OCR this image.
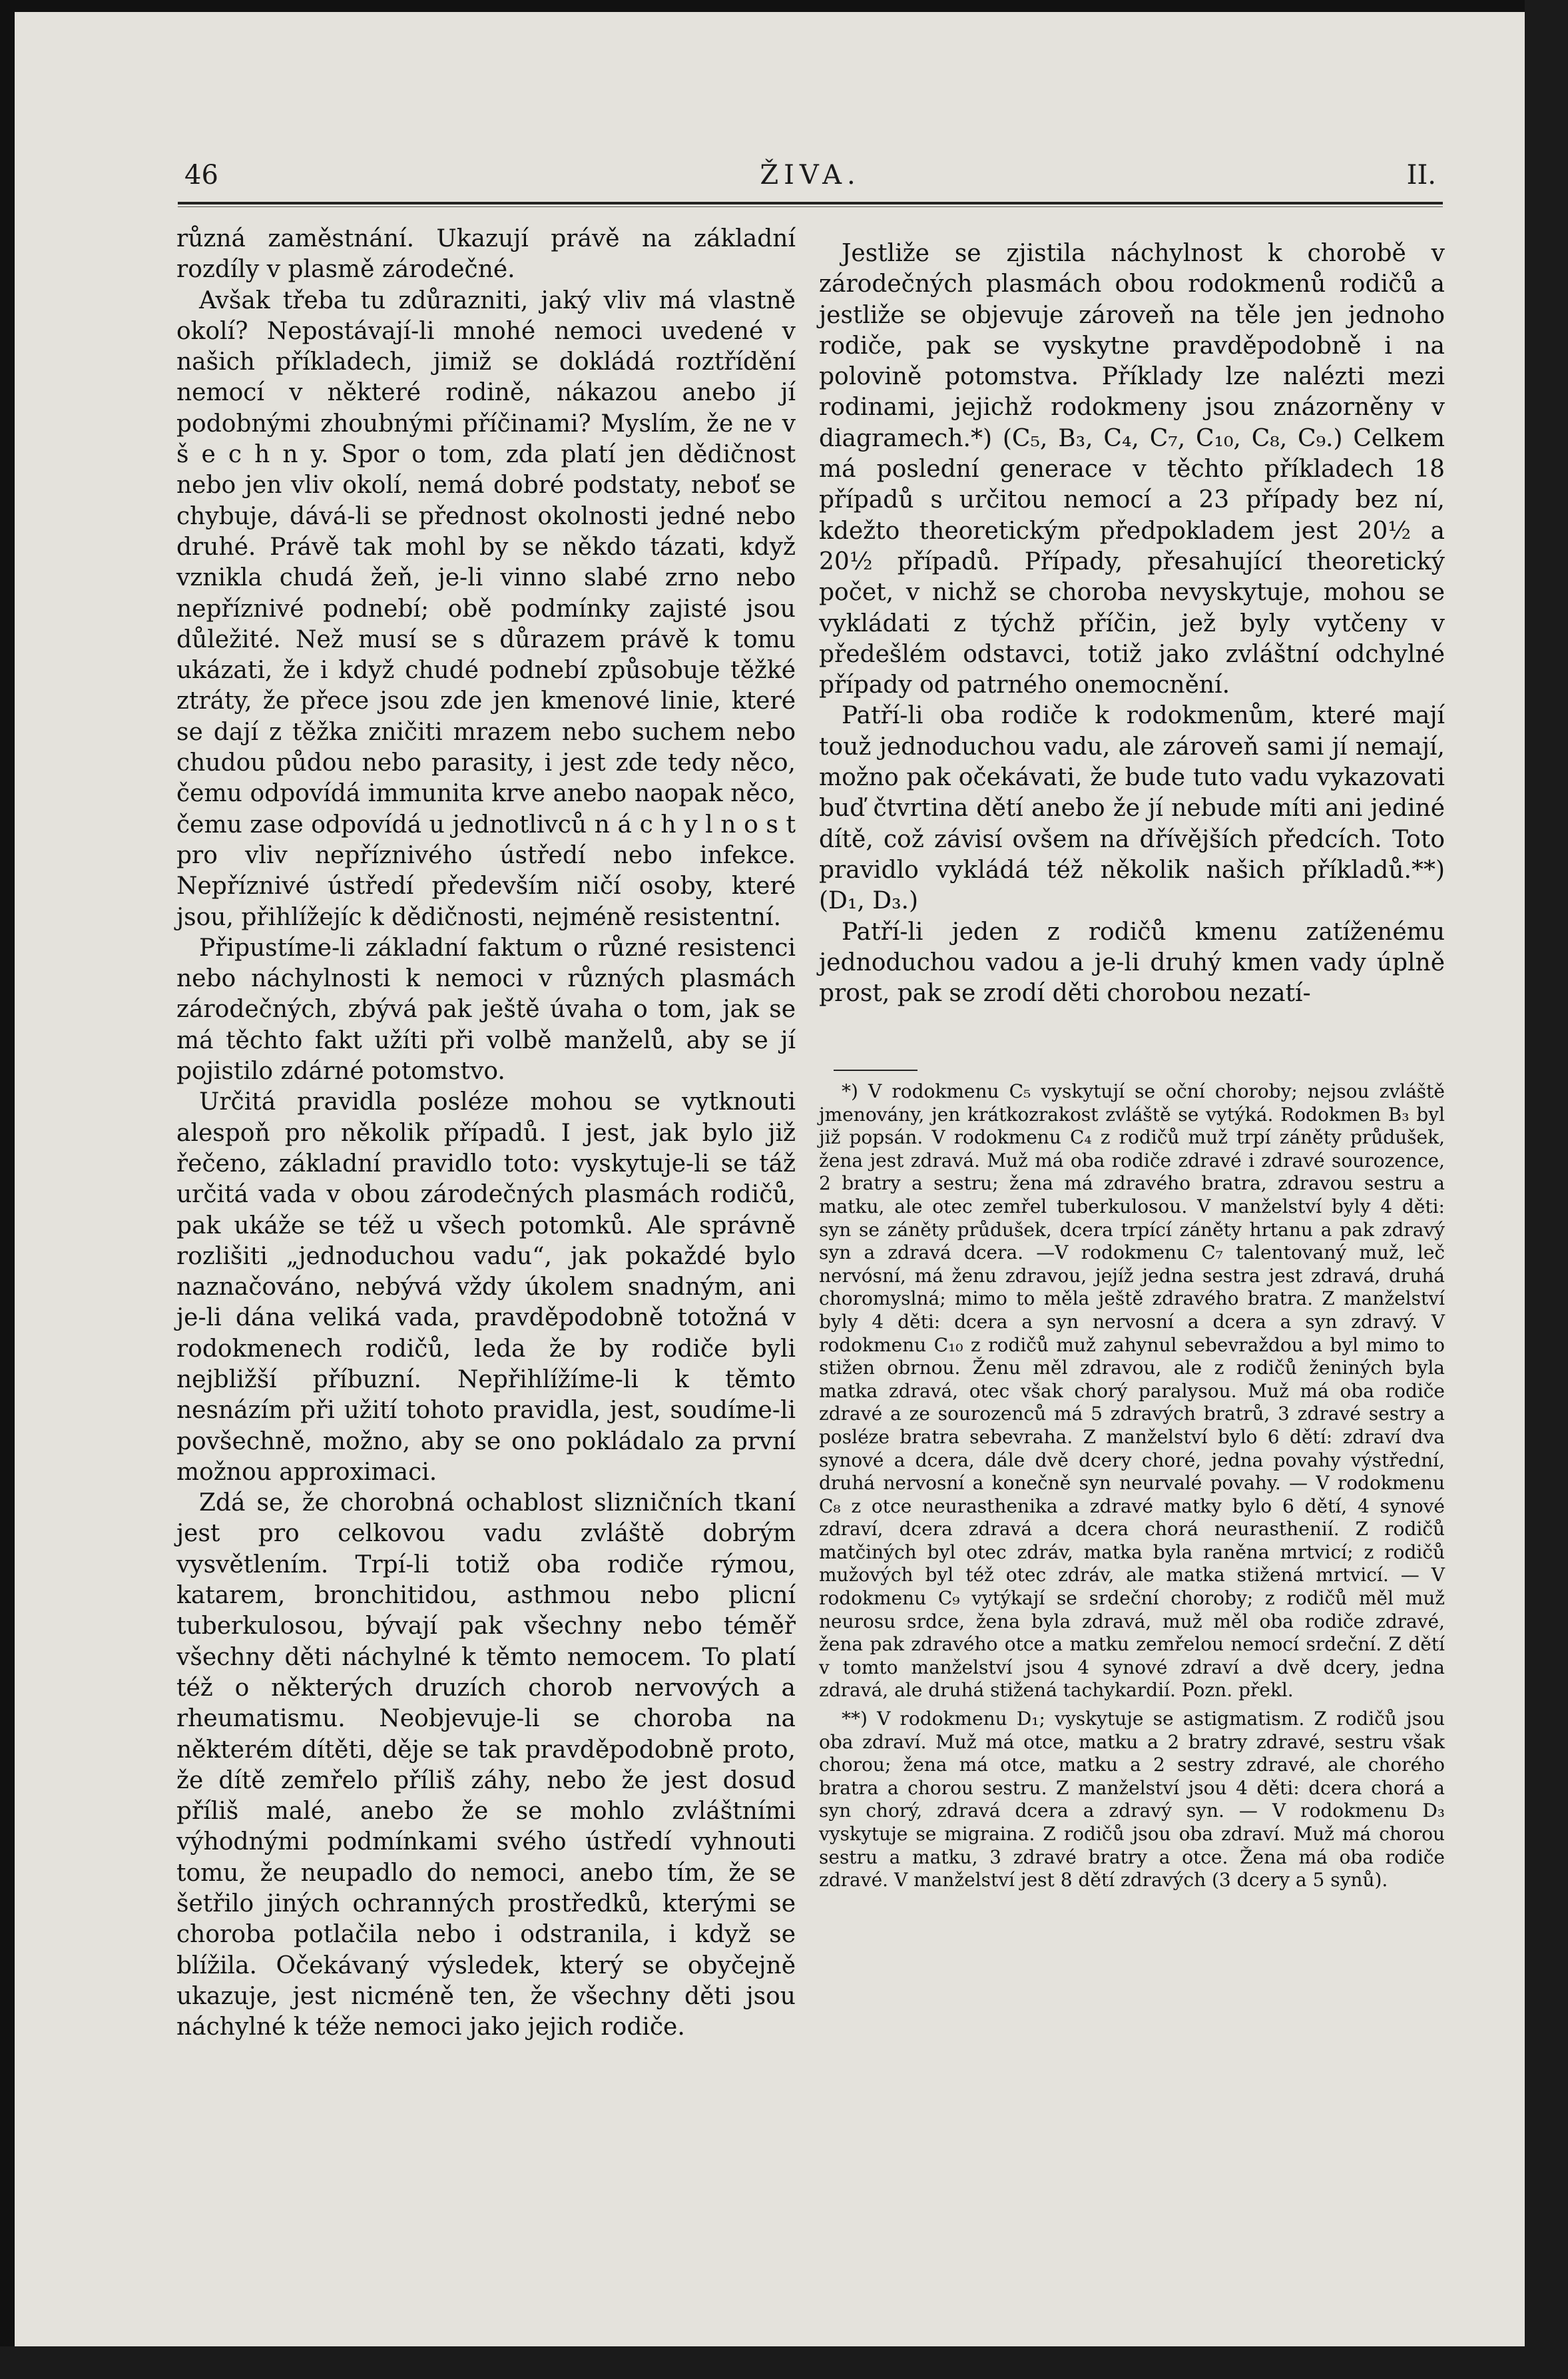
46	ŽIVA.	II.

různá zaměstnání. Ukazují právě na základní rozdíly v plasmě zárodečné.

Avšak třeba tu zdůrazniti, jaký vliv má vlastně okolí? Nepostávají-li mnohé nemoci uvedené v našich příkladech, jimiž se dokládá roztřídění nemocí v některé rodině, nákazou anebo jí podobnými zhoubnými příčinami? Myslím, že ne v š e c h n y. Spor o tom, zda platí jen dědičnost nebo jen vliv okolí, nemá dobré podstaty, neboť se chybuje, dává-li se přednost okolnosti jedné nebo druhé. Právě tak mohl by se někdo tázati, když vznikla chudá žeň, je-li vinno slabé zrno nebo nepříznivé podnebí; obě podmínky zajisté jsou důležité. Než musí se s důrazem právě k tomu ukázati, že i když chudé podnebí způsobuje těžké ztráty, že přece jsou zde jen kmenové linie, které se dají z těžka zničiti mrazem nebo suchem nebo chudou půdou nebo parasity, i jest zde tedy něco, čemu odpovídá immunita krve anebo naopak něco, čemu zase odpovídá u jednotlivců n á c h y l n o s t pro vliv nepříznivého ústředí nebo infekce. Nepříznivé ústředí především ničí osoby, které jsou, přihlížejíc k dědičnosti, nejméně resistentní.

Připustíme-li základní faktum o různé resistenci nebo náchylnosti k nemoci v různých plasmách zárodečných, zbývá pak ještě úvaha o tom, jak se má těchto fakt užíti při volbě manželů, aby se jí pojistilo zdárné potomstvo.

Určitá pravidla posléze mohou se vytknouti alespoň pro několik případů. I jest, jak bylo již řečeno, základní pravidlo toto: vyskytuje-li se táž určitá vada v obou zárodečných plasmách rodičů, pak ukáže se též u všech potomků. Ale správně rozlišiti „jednoduchou vadu“, jak pokaždé bylo naznačováno, nebývá vždy úkolem snadným, ani je-li dána veliká vada, pravděpodobně totožná v rodokmenech rodičů, leda že by rodiče byli nejbližší příbuzní. Nepřihlížíme-li k těmto nesnázím při užití tohoto pravidla, jest, soudíme-li povšechně, možno, aby se ono pokládalo za první možnou approximaci.

Zdá se, že chorobná ochablost slizničních tkaní jest pro celkovou vadu zvláště dobrým vysvětlením. Trpí-li totiž oba rodiče rýmou, katarem, bronchitidou, asthmou nebo plicní tuberkulosou, bývají pak všechny nebo téměř všechny děti náchylné k těmto nemocem. To platí též o některých druzích chorob nervových a rheumatismu. Neobjevuje-li se choroba na některém dítěti, děje se tak pravděpodobně proto, že dítě zemřelo příliš záhy, nebo že jest dosud příliš malé, anebo že se mohlo zvláštními výhodnými podmínkami svého ústředí vyhnouti tomu, že neupadlo do nemoci, anebo tím, že se šetřilo jiných ochranných prostředků, kterými se choroba potlačila nebo i odstranila, i když se blížila. Očekávaný výsledek, který se obyčejně ukazuje, jest nicméně ten, že všechny děti jsou náchylné k téže nemoci jako jejich rodiče.

Jestliže se zjistila náchylnost k chorobě v zárodečných plasmách obou rodokmenů rodičů a jestliže se objevuje zároveň na těle jen jednoho rodiče, pak se vyskytne pravděpodobně i na polovině potomstva. Příklady lze nalézti mezi rodinami, jejichž rodokmeny jsou znázorněny v diagramech.*) (C₅, B₃, C₄, C₇, C₁₀, C₈, C₉.) Celkem má poslední generace v těchto příkladech 18 případů s určitou nemocí a 23 případy bez ní, kdežto theoretickým předpokladem jest 20½ a 20½ případů. Případy, přesahující theoretický počet, v nichž se choroba nevyskytuje, mohou se vykládati z týchž příčin, jež byly vytčeny v předešlém odstavci, totiž jako zvláštní odchylné případy od patrného onemocnění.

Patří-li oba rodiče k rodokmenům, které mají touž jednoduchou vadu, ale zároveň sami jí nemají, možno pak očekávati, že bude tuto vadu vykazovati buď čtvrtina dětí anebo že jí nebude míti ani jediné dítě, což závisí ovšem na dřívějších předcích. Toto pravidlo vykládá též několik našich příkladů.**) (D₁, D₃.)

Patří-li jeden z rodičů kmenu zatíženému jednoduchou vadou a je-li druhý kmen vady úplně prost, pak se zrodí děti chorobou nezatí-

*) V rodokmenu C₅ vyskytují se oční choroby; nejsou zvláště jmenovány, jen krátkozrakost zvláště se vytýká. Rodokmen B₃ byl již popsán. V rodokmenu C₄ z rodičů muž trpí záněty průdušek, žena jest zdravá. Muž má oba rodiče zdravé i zdravé sourozence, 2 bratry a sestru; žena má zdravého bratra, zdravou sestru a matku, ale otec zemřel tuberkulosou. V manželství byly 4 děti: syn se záněty průdušek, dcera trpící záněty hrtanu a pak zdravý syn a zdravá dcera. —V rodokmenu C₇ talentovaný muž, leč nervósní, má ženu zdravou, jejíž jedna sestra jest zdravá, druhá choromyslná; mimo to měla ještě zdravého bratra. Z manželství byly 4 děti: dcera a syn nervosní a dcera a syn zdravý. V rodokmenu C₁₀ z rodičů muž zahynul sebevraždou a byl mimo to stižen obrnou. Ženu měl zdravou, ale z rodičů ženiných byla matka zdravá, otec však chorý paralysou. Muž má oba rodiče zdravé a ze sourozenců má 5 zdravých bratrů, 3 zdravé sestry a posléze bratra sebevraha. Z manželství bylo 6 dětí: zdraví dva synové a dcera, dále dvě dcery choré, jedna povahy výstřední, druhá nervosní a konečně syn neurvalé povahy. — V rodokmenu C₈ z otce neurasthenika a zdravé matky bylo 6 dětí, 4 synové zdraví, dcera zdravá a dcera chorá neurasthenií. Z rodičů matčiných byl otec zdráv, matka byla raněna mrtvicí; z rodičů mužových byl též otec zdráv, ale matka stižená mrtvicí. — V rodokmenu C₉ vytýkají se srdeční choroby; z rodičů měl muž neurosu srdce, žena byla zdravá, muž měl oba rodiče zdravé, žena pak zdravého otce a matku zemřelou nemocí srdeční. Z dětí v tomto manželství jsou 4 synové zdraví a dvě dcery, jedna zdravá, ale druhá stižená tachykardií. Pozn. překl.

**) V rodokmenu D₁; vyskytuje se astigmatism. Z rodičů jsou oba zdraví. Muž má otce, matku a 2 bratry zdravé, sestru však chorou; žena má otce, matku a 2 sestry zdravé, ale chorého bratra a chorou sestru. Z manželství jsou 4 děti: dcera chorá a syn chorý, zdravá dcera a zdravý syn. — V rodokmenu D₃ vyskytuje se migraina. Z rodičů jsou oba zdraví. Muž má chorou sestru a matku, 3 zdravé bratry a otce. Žena má oba rodiče zdravé. V manželství jest 8 dětí zdravých (3 dcery a 5 synů).
